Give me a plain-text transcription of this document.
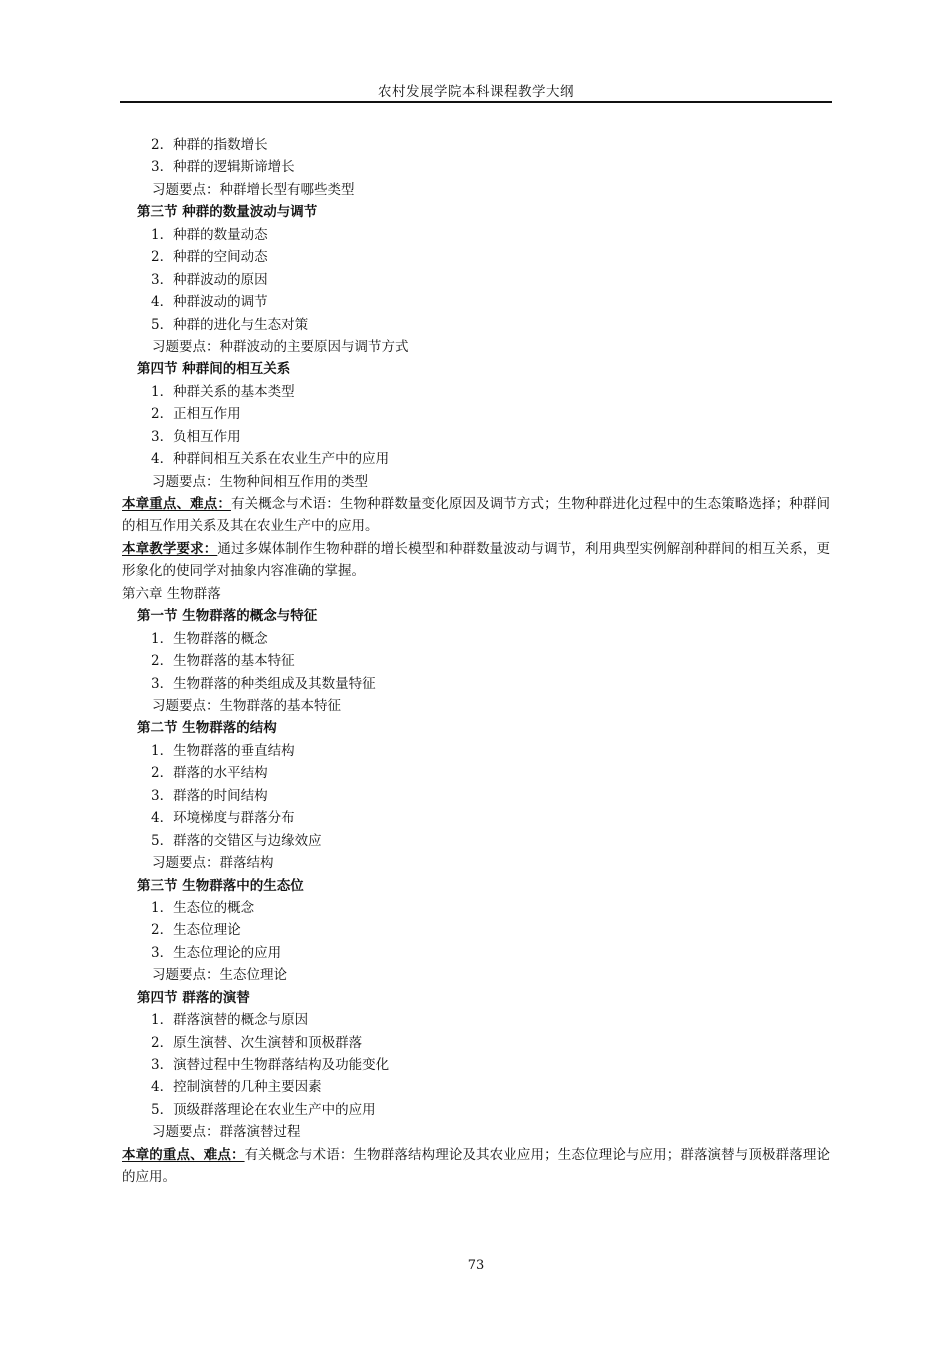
农村发展学院本科课程教学大纲
2．种群的指数增长
3．种群的逻辑斯谛增长
习题要点：种群增长型有哪些类型
第三节 种群的数量波动与调节
1．种群的数量动态
2．种群的空间动态
3．种群波动的原因
4．种群波动的调节
5．种群的进化与生态对策
习题要点：种群波动的主要原因与调节方式
第四节 种群间的相互关系
1．种群关系的基本类型
2．正相互作用
3．负相互作用
4．种群间相互关系在农业生产中的应用
习题要点：生物种间相互作用的类型

本章重点、难点：有关概念与术语：生物种群数量变化原因及调节方式；生物种群进化过程中的生态策略选择；种群间的相互作用关系及其在农业生产中的应用。

本章教学要求：通过多媒体制作生物种群的增长模型和种群数量波动与调节，利用典型实例解剖种群间的相互关系，更形象化的使同学对抽象内容准确的掌握。

第六章 生物群落
第一节 生物群落的概念与特征
1．生物群落的概念
2．生物群落的基本特征
3．生物群落的种类组成及其数量特征
习题要点：生物群落的基本特征
第二节 生物群落的结构
1．生物群落的垂直结构
2．群落的水平结构
3．群落的时间结构
4．环境梯度与群落分布
5．群落的交错区与边缘效应
习题要点：群落结构
第三节 生物群落中的生态位
1．生态位的概念
2．生态位理论
3．生态位理论的应用
习题要点：生态位理论
第四节 群落的演替
1．群落演替的概念与原因
2．原生演替、次生演替和顶极群落
3．演替过程中生物群落结构及功能变化
4．控制演替的几种主要因素
5．顶级群落理论在农业生产中的应用
习题要点：群落演替过程

本章的重点、难点：有关概念与术语：生物群落结构理论及其农业应用；生态位理论与应用；群落演替与顶极群落理论的应用。

73
